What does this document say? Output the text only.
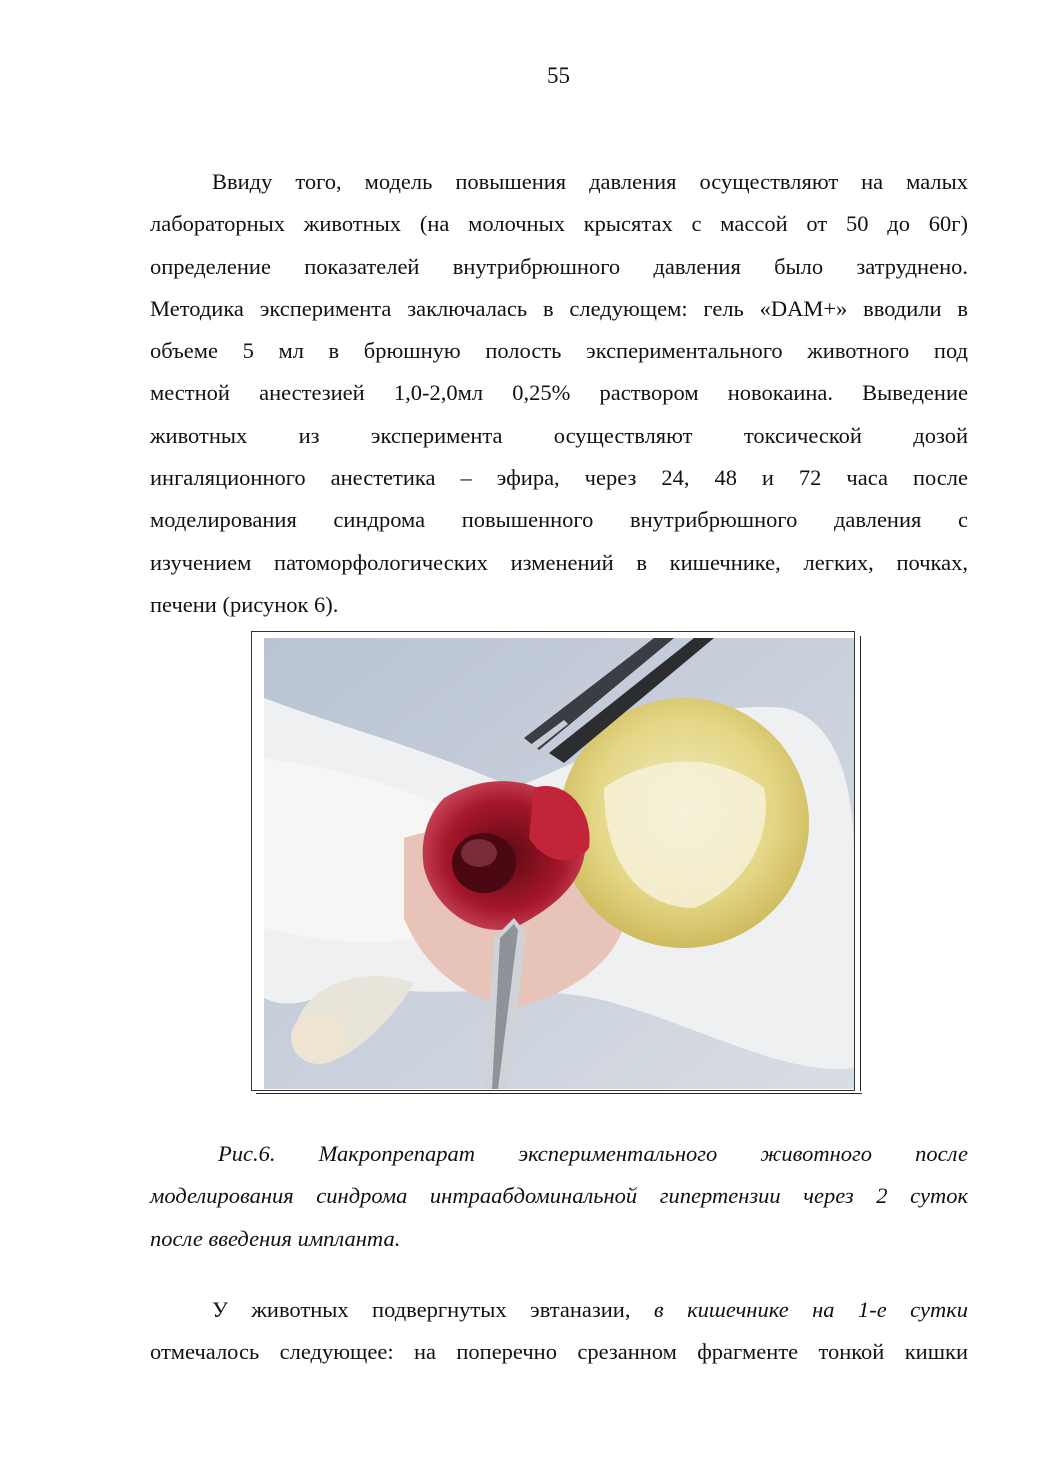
55
Ввиду того, модель повышения давления осуществляют на малых
лабораторных животных (на молочных крысятах с массой от 50 до 60г)
определение показателей внутрибрюшного давления было затруднено.
Методика эксперимента заключалась в следующем: гель «DAM+» вводили в
объеме 5 мл в брюшную полость экспериментального животного под
местной анестезией 1,0-2,0мл 0,25% раствором новокаина. Выведение
животных из эксперимента осуществляют токсической дозой
ингаляционного анестетика – эфира, через 24, 48 и 72 часа после
моделирования синдрома повышенного внутрибрюшного давления с
изучением патоморфологических изменений в кишечнике, легких, почках,
печени (рисунок 6).
Рис.6. Макропрепарат экспериментального животного после
моделирования синдрома интраабдоминальной гипертензии через 2 суток
после введения импланта.
У животных подвергнутых эвтаназии, в кишечнике на 1-е сутки
отмечалось следующее: на поперечно срезанном фрагменте тонкой кишки
